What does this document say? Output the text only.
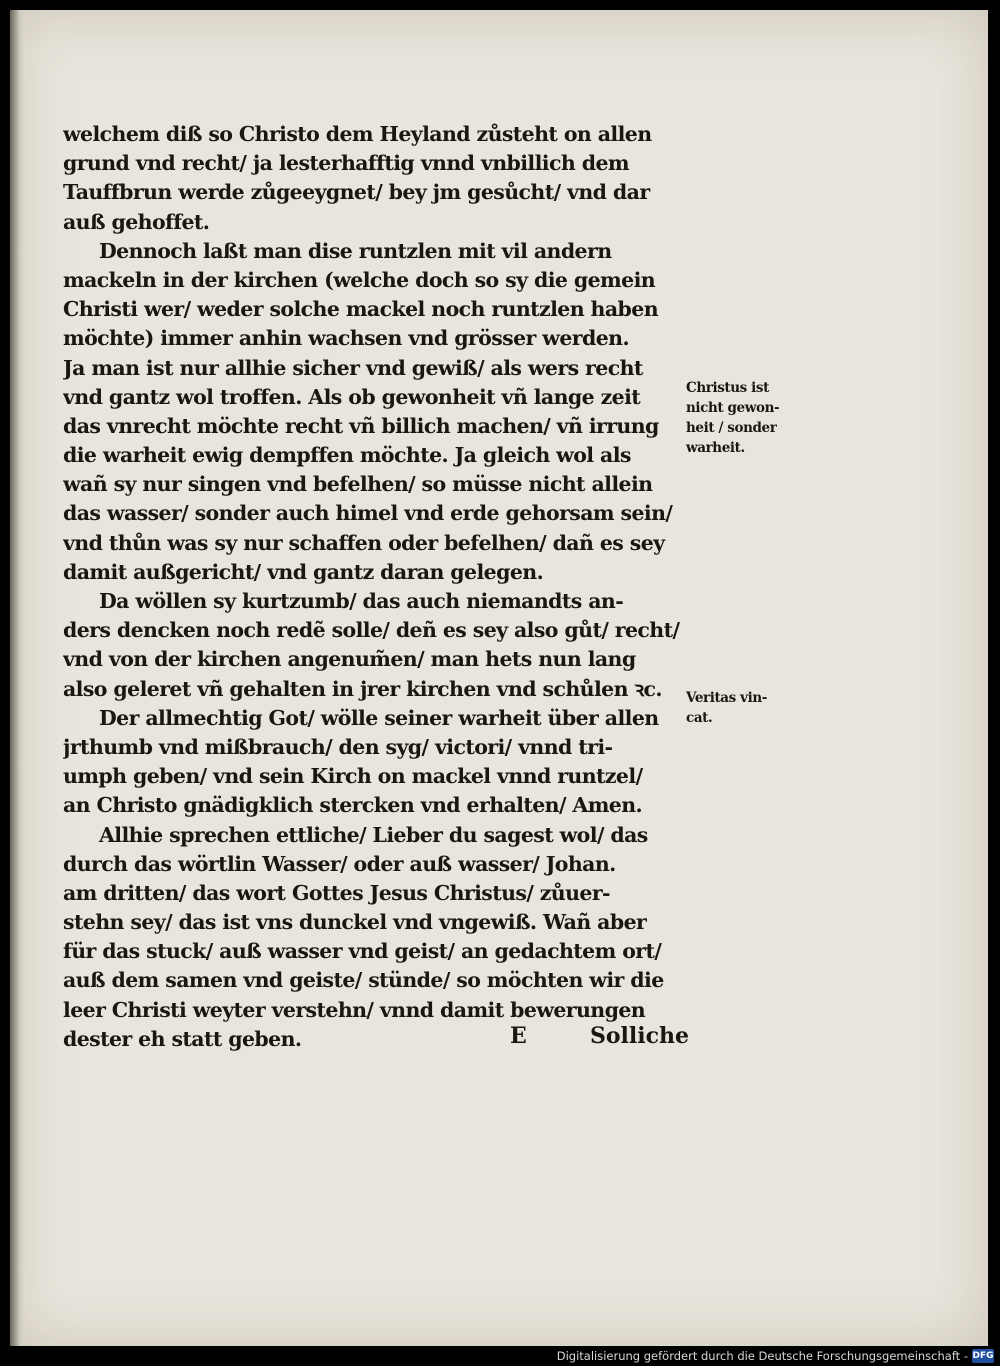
welchem diß so Christo dem Heyland zůsteht on allen
grund vnd recht/ ja lesterhafftig vnnd vnbillich dem
Tauffbrun werde zůgeeygnet/ bey jm gesůcht/ vnd dar
auß gehoffet.
Dennoch laßt man dise runtzlen mit vil andern
mackeln in der kirchen (welche doch so sy die gemein
Christi wer/ weder solche mackel noch runtzlen haben
möchte) immer anhin wachsen vnd grösser werden.
Ja man ist nur allhie sicher vnd gewiß/ als wers recht
vnd gantz wol troffen. Als ob gewonheit vñ lange zeit
das vnrecht möchte recht vñ billich machen/ vñ irrung
die warheit ewig dempffen möchte. Ja gleich wol als
wañ sy nur singen vnd befelhen/ so müsse nicht allein
das wasser/ sonder auch himel vnd erde gehorsam sein/
vnd thůn was sy nur schaffen oder befelhen/ dañ es sey
damit außgericht/ vnd gantz daran gelegen.
Da wöllen sy kurtzumb/ das auch niemandts an-
ders dencken noch redẽ solle/ deñ es sey also gůt/ recht/
vnd von der kirchen angenum̃en/ man hets nun lang
also geleret vñ gehalten in jrer kirchen vnd schůlen ꝛc.
Der allmechtig Got/ wölle seiner warheit über allen
jrthumb vnd mißbrauch/ den syg/ victori/ vnnd tri-
umph geben/ vnd sein Kirch on mackel vnnd runtzel/
an Christo gnädigklich stercken vnd erhalten/ Amen.
Allhie sprechen ettliche/ Lieber du sagest wol/ das
durch das wörtlin Wasser/ oder auß wasser/ Johan.
am dritten/ das wort Gottes Jesus Christus/ zůuer-
stehn sey/ das ist vns dunckel vnd vngewiß. Wañ aber
für das stuck/ auß wasser vnd geist/ an gedachtem ort/
auß dem samen vnd geiste/ stünde/ so möchten wir die
leer Christi weyter verstehn/ vnnd damit bewerungen
dester eh statt geben.	E	Solliche
Christus ist
nicht gewon-
heit / sonder
warheit.
Veritas vin-
cat.
Digitalisierung gefördert durch die Deutsche Forschungsgemeinschaft - DFG
